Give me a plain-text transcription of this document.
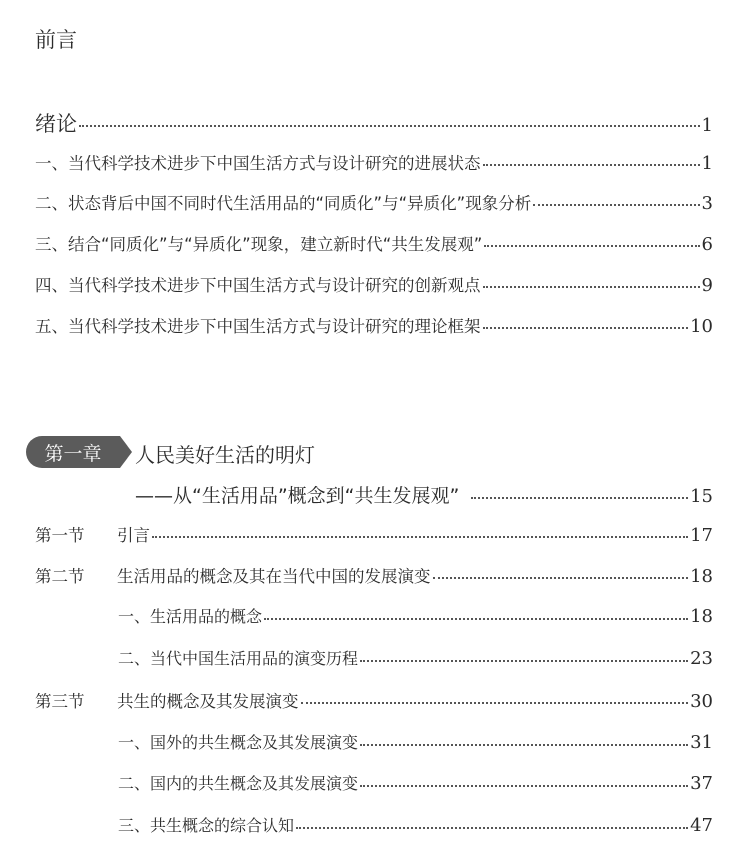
前言
绪论	1
一、当代科学技术进步下中国生活方式与设计研究的进展状态	1
二、状态背后中国不同时代生活用品的“同质化”与“异质化”现象分析	3
三、结合“同质化”与“异质化”现象，建立新时代“共生发展观”	6
四、当代科学技术进步下中国生活方式与设计研究的创新观点	9
五、当代科学技术进步下中国生活方式与设计研究的理论框架	10
第一章	人民美好生活的明灯
——从“生活用品”概念到“共生发展观”	15
第一节 引言	17
第二节 生活用品的概念及其在当代中国的发展演变	18
一、生活用品的概念	18
二、当代中国生活用品的演变历程	23
第三节 共生的概念及其发展演变	30
一、国外的共生概念及其发展演变	31
二、国内的共生概念及其发展演变	37
三、共生概念的综合认知	47
